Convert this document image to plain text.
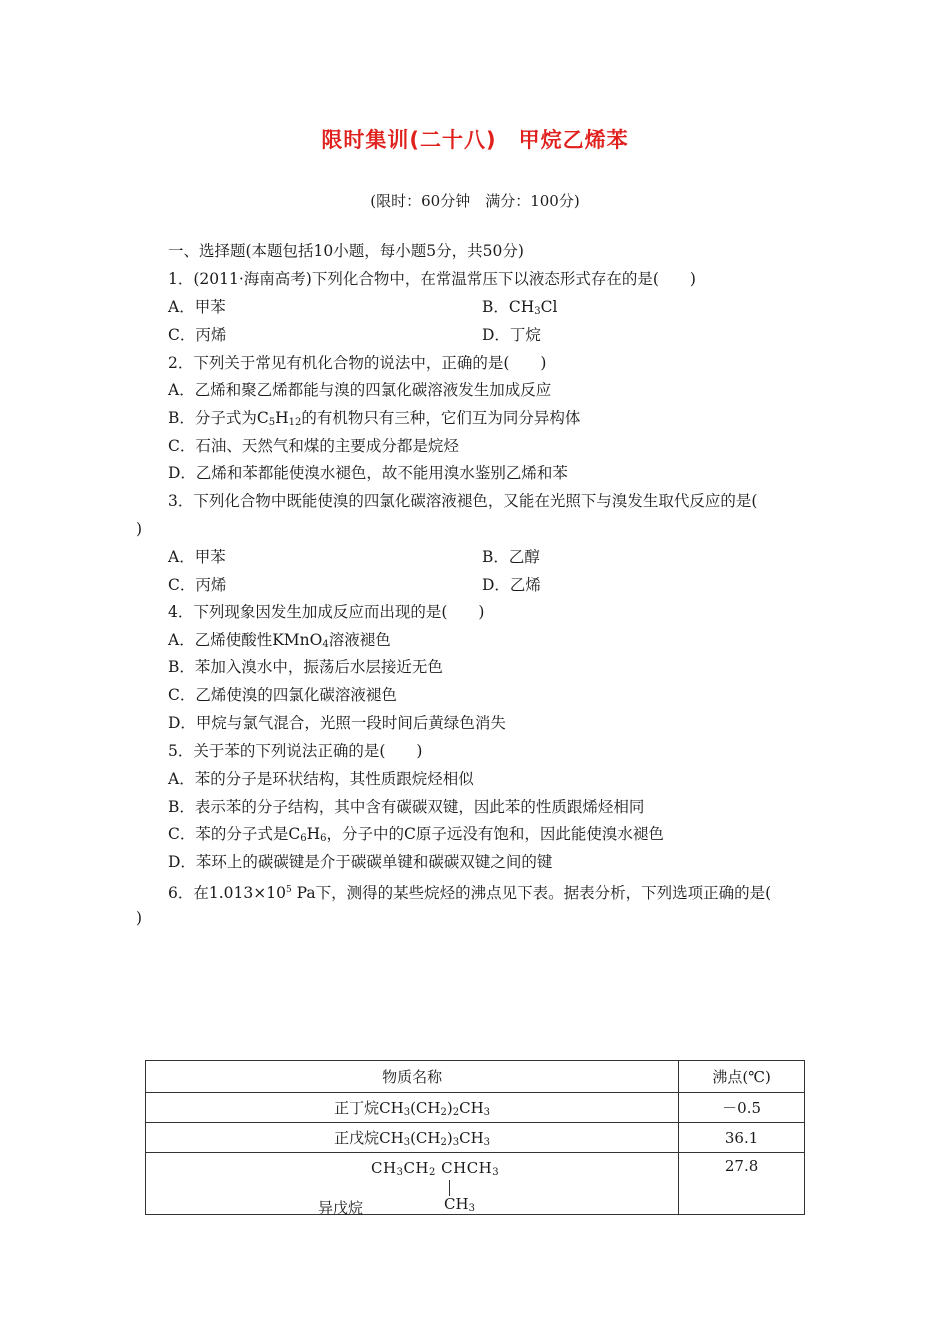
限时集训(二十八)　甲烷乙烯苯
(限时：60分钟　满分：100分)
一、选择题(本题包括10小题，每小题5分，共50分)
1．(2011·海南高考)下列化合物中，在常温常压下以液态形式存在的是(　　)
A．甲苯	B．$CH_3Cl$
C．丙烯	D．丁烷
2．下列关于常见有机化合物的说法中，正确的是(　　)
A．乙烯和聚乙烯都能与溴的四氯化碳溶液发生加成反应
B．分子式为$C_5H_{12}$的有机物只有三种，它们互为同分异构体
C．石油、天然气和煤的主要成分都是烷烃
D．乙烯和苯都能使溴水褪色，故不能用溴水鉴别乙烯和苯
3．下列化合物中既能使溴的四氯化碳溶液褪色，又能在光照下与溴发生取代反应的是(
)
A．甲苯	B．乙醇
C．丙烯	D．乙烯
4．下列现象因发生加成反应而出现的是(　　)
A．乙烯使酸性KMnO$_4$溶液褪色
B．苯加入溴水中，振荡后水层接近无色
C．乙烯使溴的四氯化碳溶液褪色
D．甲烷与氯气混合，光照一段时间后黄绿色消失
5．关于苯的下列说法正确的是(　　)
A．苯的分子是环状结构，其性质跟烷烃相似
B．表示苯的分子结构，其中含有碳碳双键，因此苯的性质跟烯烃相同
C．苯的分子式是$C_6H_6$，分子中的C原子远没有饱和，因此能使溴水褪色
D．苯环上的碳碳键是介于碳碳单键和碳碳双键之间的键
6．在$1.013\times 10^5$ Pa下，测得的某些烷烃的沸点见下表。据表分析，下列选项正确的是(
)
物质名称	沸点(℃)
正丁烷$CH_3(CH_2)_2CH_3$	－0.5
正戊烷$CH_3(CH_2)_3CH_3$	36.1

$CH_3CH_2$ $CHCH_3$
$CH_3$
异戊烷	27.8
